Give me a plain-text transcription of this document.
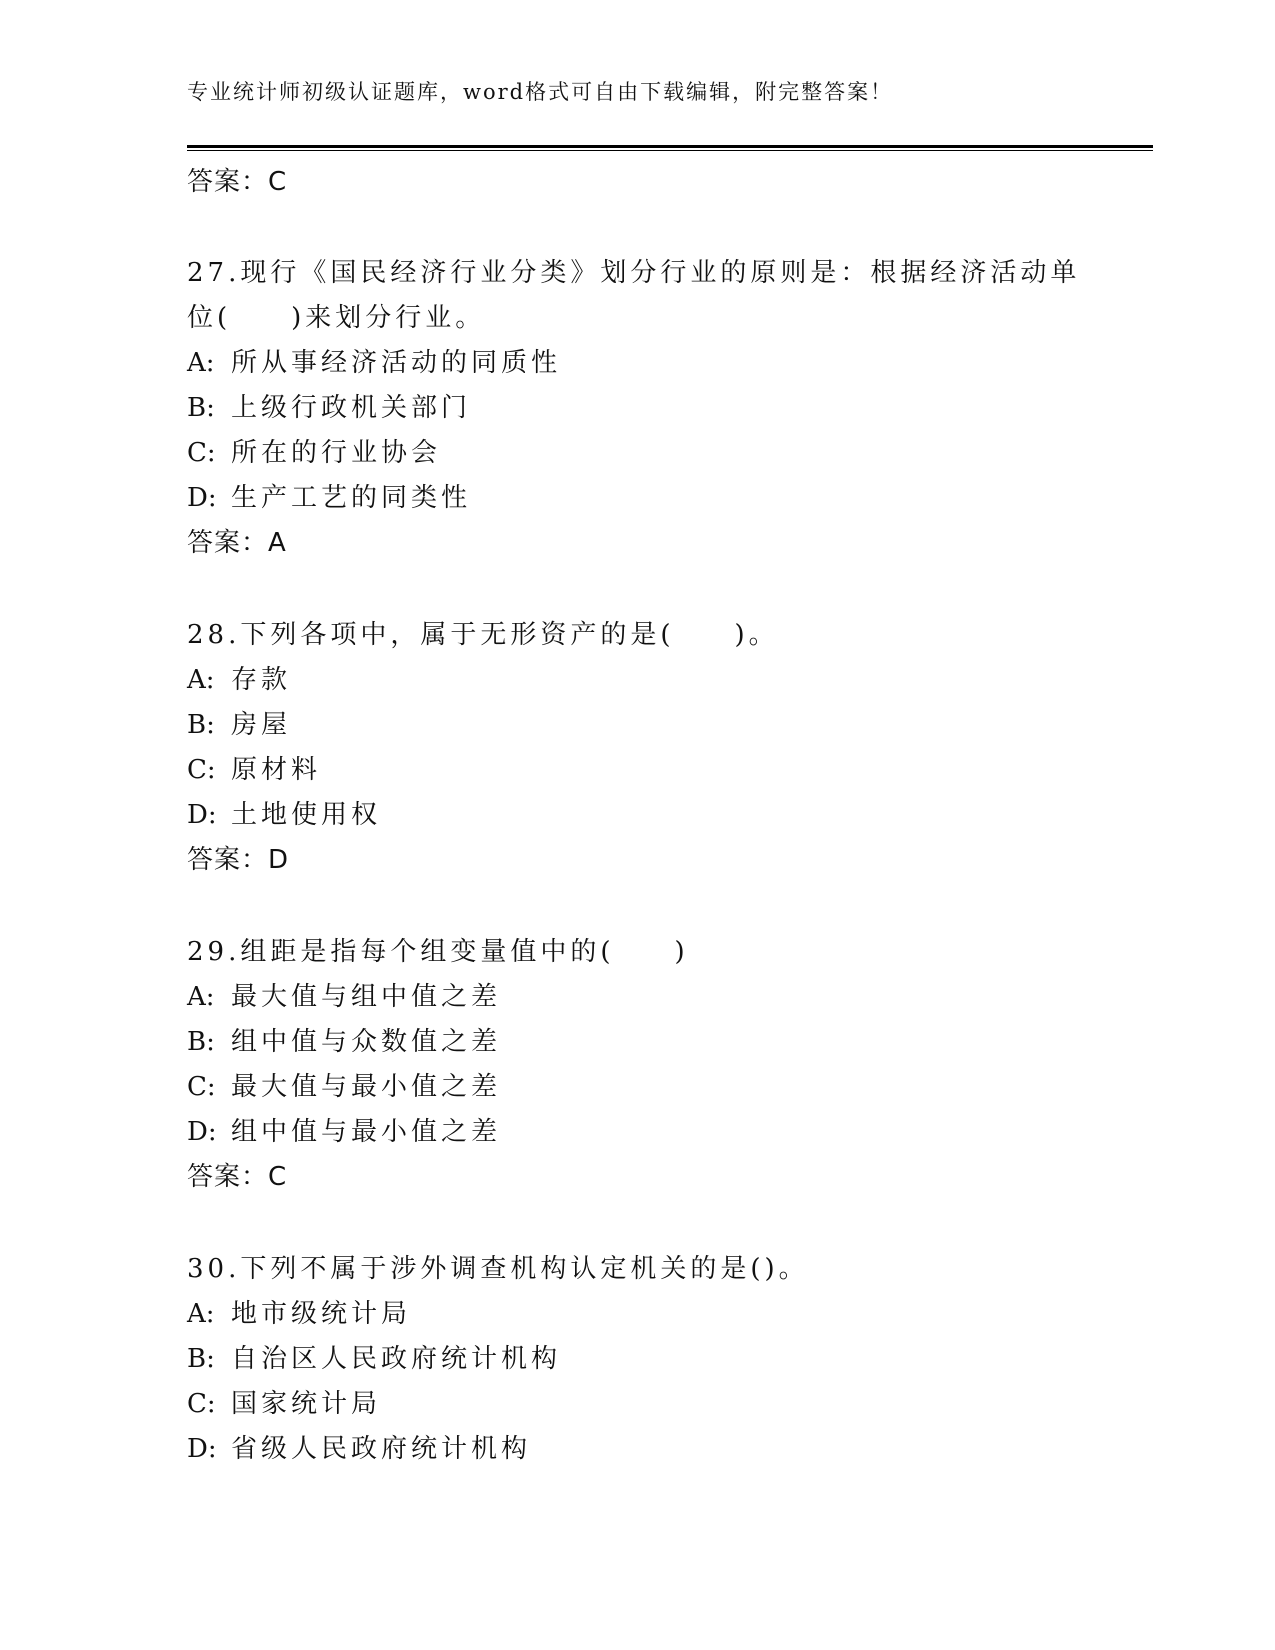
专业统计师初级认证题库，word格式可自由下载编辑，附完整答案！
答案：C
27.现行《国民经济行业分类》划分行业的原则是：根据经济活动单位(　　)来划分行业。
A: 所从事经济活动的同质性
B: 上级行政机关部门
C: 所在的行业协会
D: 生产工艺的同类性
答案：A
28.下列各项中，属于无形资产的是(　　)。
A: 存款
B: 房屋
C: 原材料
D: 土地使用权
答案：D
29.组距是指每个组变量值中的(　　)
A: 最大值与组中值之差
B: 组中值与众数值之差
C: 最大值与最小值之差
D: 组中值与最小值之差
答案：C
30.下列不属于涉外调查机构认定机关的是()。
A: 地市级统计局
B: 自治区人民政府统计机构
C: 国家统计局
D: 省级人民政府统计机构
